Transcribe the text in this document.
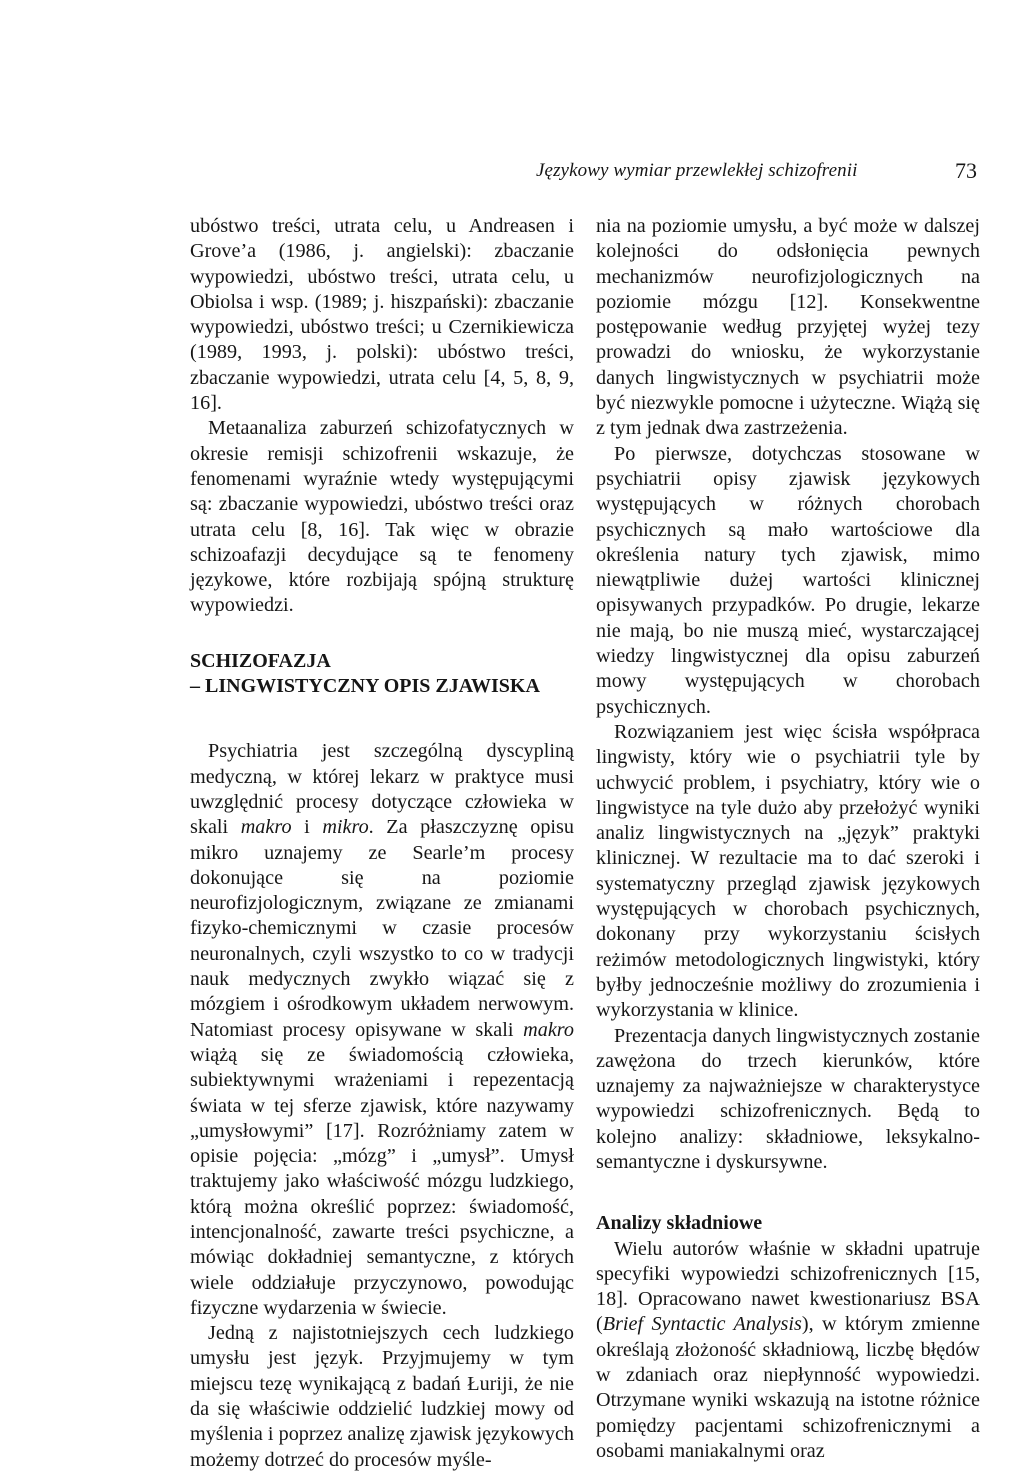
Językowy wymiar przewlekłej schizofrenii	73

ubóstwo treści, utrata celu, u Andreasen i Grove’a (1986, j. angielski): zbaczanie wypowiedzi, ubóstwo treści, utrata celu, u Obiolsa i wsp. (1989; j. hiszpański): zbaczanie wypowiedzi, ubóstwo treści; u Czernikiewicza (1989, 1993, j. polski): ubóstwo treści, zbaczanie wypowiedzi, utrata celu [4, 5, 8, 9, 16].

Metaanaliza zaburzeń schizofatycznych w okresie remisji schizofrenii wskazuje, że fenomenami wyraźnie wtedy występującymi są: zbaczanie wypowiedzi, ubóstwo treści oraz utrata celu [8, 16]. Tak więc w obrazie schizoafazji decydujące są te fenomeny językowe, które rozbijają spójną strukturę wypowiedzi.

SCHIZOFAZJA
– LINGWISTYCZNY OPIS ZJAWISKA

Psychiatria jest szczególną dyscypliną medyczną, w której lekarz w praktyce musi uwzględnić procesy dotyczące człowieka w skali makro i mikro. Za płaszczyznę opisu mikro uznajemy ze Searle’m procesy dokonujące się na poziomie neurofizjologicznym, związane ze zmianami fizyko-chemicznymi w czasie procesów neuronalnych, czyli wszystko to co w tradycji nauk medycznych zwykło wiązać się z mózgiem i ośrodkowym układem nerwowym. Natomiast procesy opisywane w skali makro wiążą się ze świadomością człowieka, subiektywnymi wrażeniami i repezentacją świata w tej sferze zjawisk, które nazywamy „umysłowymi” [17]. Rozróżniamy zatem w opisie pojęcia: „mózg” i „umysł”. Umysł traktujemy jako właściwość mózgu ludzkiego, którą można określić poprzez: świadomość, intencjonalność, zawarte treści psychiczne, a mówiąc dokładniej semantyczne, z których wiele oddziałuje przyczynowo, powodując fizyczne wydarzenia w świecie.

Jedną z najistotniejszych cech ludzkiego umysłu jest język. Przyjmujemy w tym miejscu tezę wynikającą z badań Łuriji, że nie da się właściwie oddzielić ludzkiej mowy od myślenia i poprzez analizę zjawisk językowych możemy dotrzeć do procesów myśle-

nia na poziomie umysłu, a być może w dalszej kolejności do odsłonięcia pewnych mechanizmów neurofizjologicznych na poziomie mózgu [12]. Konsekwentne postępowanie według przyjętej wyżej tezy prowadzi do wniosku, że wykorzystanie danych lingwistycznych w psychiatrii może być niezwykle pomocne i użyteczne. Wiążą się z tym jednak dwa zastrzeżenia.

Po pierwsze, dotychczas stosowane w psychiatrii opisy zjawisk językowych występujących w różnych chorobach psychicznych są mało wartościowe dla określenia natury tych zjawisk, mimo niewątpliwie dużej wartości klinicznej opisywanych przypadków. Po drugie, lekarze nie mają, bo nie muszą mieć, wystarczającej wiedzy lingwistycznej dla opisu zaburzeń mowy występujących w chorobach psychicznych.

Rozwiązaniem jest więc ścisła współpraca lingwisty, który wie o psychiatrii tyle by uchwycić problem, i psychiatry, który wie o lingwistyce na tyle dużo aby przełożyć wyniki analiz lingwistycznych na „język” praktyki klinicznej. W rezultacie ma to dać szeroki i systematyczny przegląd zjawisk językowych występujących w chorobach psychicznych, dokonany przy wykorzystaniu ścisłych reżimów metodologicznych lingwistyki, który byłby jednocześnie możliwy do zrozumienia i wykorzystania w klinice.

Prezentacja danych lingwistycznych zostanie zawężona do trzech kierunków, które uznajemy za najważniejsze w charakterystyce wypowiedzi schizofrenicznych. Będą to kolejno analizy: składniowe, leksykalno-semantyczne i dyskursywne.

Analizy składniowe

Wielu autorów właśnie w składni upatruje specyfiki wypowiedzi schizofrenicznych [15, 18]. Opracowano nawet kwestionariusz BSA (Brief Syntactic Analysis), w którym zmienne określają złożoność składniową, liczbę błędów w zdaniach oraz niepłynność wypowiedzi. Otrzymane wyniki wskazują na istotne różnice pomiędzy pacjentami schizofrenicznymi a osobami maniakalnymi oraz
